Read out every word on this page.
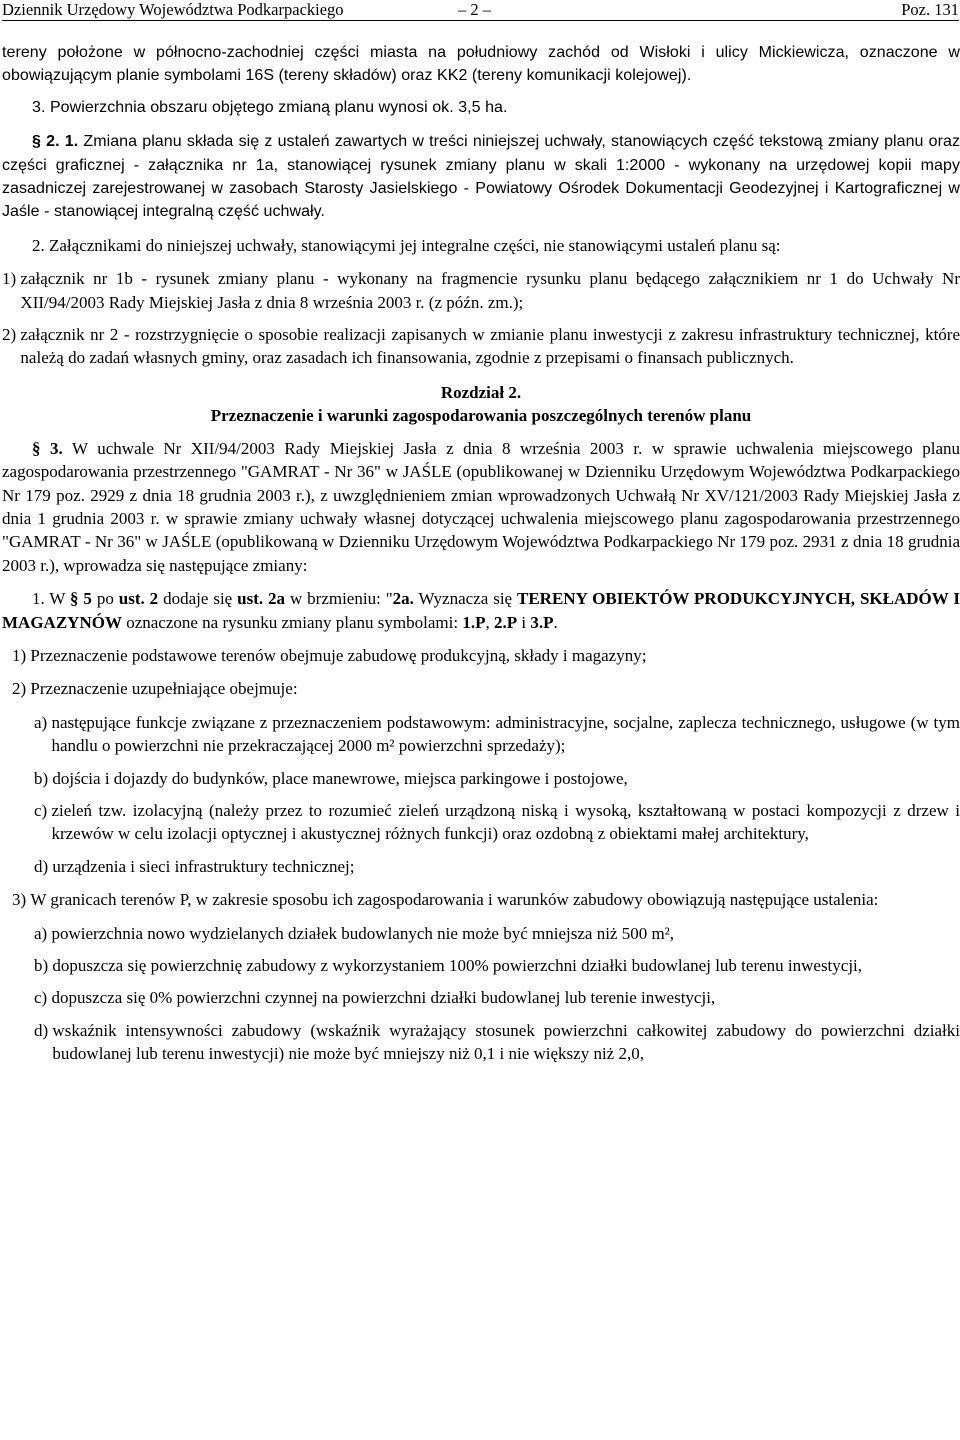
Dziennik Urzędowy Województwa Podkarpackiego	– 2 –	Poz. 131

tereny położone w północno-zachodniej części miasta na południowy zachód od Wisłoki i ulicy Mickiewicza, oznaczone w obowiązującym planie symbolami 16S (tereny składów) oraz KK2 (tereny komunikacji kolejowej).

3. Powierzchnia obszaru objętego zmianą planu wynosi ok. 3,5 ha.

§ 2. 1. Zmiana planu składa się z ustaleń zawartych w treści niniejszej uchwały, stanowiących część tekstową zmiany planu oraz części graficznej - załącznika nr 1a, stanowiącej rysunek zmiany planu w skali 1:2000 - wykonany na urzędowej kopii mapy zasadniczej zarejestrowanej w zasobach Starosty Jasielskiego - Powiatowy Ośrodek Dokumentacji Geodezyjnej i Kartograficznej w Jaśle - stanowiącej integralną część uchwały.

2. Załącznikami do niniejszej uchwały, stanowiącymi jej integralne części, nie stanowiącymi ustaleń planu są:

1) załącznik nr 1b - rysunek zmiany planu - wykonany na fragmencie rysunku planu będącego załącznikiem nr 1 do Uchwały Nr XII/94/2003 Rady Miejskiej Jasła z dnia 8 września 2003 r. (z późn. zm.);
2) załącznik nr 2 - rozstrzygnięcie o sposobie realizacji zapisanych w zmianie planu inwestycji z zakresu infrastruktury technicznej, które należą do zadań własnych gminy, oraz zasadach ich finansowania, zgodnie z przepisami o finansach publicznych.

Rozdział 2.

Przeznaczenie i warunki zagospodarowania poszczególnych terenów planu

§ 3. W uchwale Nr XII/94/2003 Rady Miejskiej Jasła z dnia 8 września 2003 r. w sprawie uchwalenia miejscowego planu zagospodarowania przestrzennego "GAMRAT - Nr 36" w JAŚLE (opublikowanej w Dzienniku Urzędowym Województwa Podkarpackiego Nr 179 poz. 2929 z dnia 18 grudnia 2003 r.), z uwzględnieniem zmian wprowadzonych Uchwałą Nr XV/121/2003 Rady Miejskiej Jasła z dnia 1 grudnia 2003 r. w sprawie zmiany uchwały własnej dotyczącej uchwalenia miejscowego planu zagospodarowania przestrzennego "GAMRAT - Nr 36" w JAŚLE (opublikowaną w Dzienniku Urzędowym Województwa Podkarpackiego Nr 179 poz. 2931 z dnia 18 grudnia 2003 r.), wprowadza się następujące zmiany:

1. W § 5 po ust. 2 dodaje się ust. 2a w brzmieniu: "2a. Wyznacza się TERENY OBIEKTÓW PRODUKCYJNYCH, SKŁADÓW I MAGAZYNÓW oznaczone na rysunku zmiany planu symbolami: 1.P, 2.P i 3.P.

1) Przeznaczenie podstawowe terenów obejmuje zabudowę produkcyjną, składy i magazyny;

2) Przeznaczenie uzupełniające obejmuje:

a) następujące funkcje związane z przeznaczeniem podstawowym: administracyjne, socjalne, zaplecza technicznego, usługowe (w tym handlu o powierzchni nie przekraczającej 2000 m² powierzchni sprzedaży);
b) dojścia i dojazdy do budynków, place manewrowe, miejsca parkingowe i postojowe,
c) zieleń tzw. izolacyjną (należy przez to rozumieć zieleń urządzoną niską i wysoką, kształtowaną w postaci kompozycji z drzew i krzewów w celu izolacji optycznej i akustycznej różnych funkcji) oraz ozdobną z obiektami małej architektury,
d) urządzenia i sieci infrastruktury technicznej;
3) W granicach terenów P, w zakresie sposobu ich zagospodarowania i warunków zabudowy obowiązują następujące ustalenia:
a) powierzchnia nowo wydzielanych działek budowlanych nie może być mniejsza niż 500 m²,
b) dopuszcza się powierzchnię zabudowy z wykorzystaniem 100% powierzchni działki budowlanej lub terenu inwestycji,
c) dopuszcza się 0% powierzchni czynnej na powierzchni działki budowlanej lub terenie inwestycji,
d) wskaźnik intensywności zabudowy (wskaźnik wyrażający stosunek powierzchni całkowitej zabudowy do powierzchni działki budowlanej lub terenu inwestycji) nie może być mniejszy niż 0,1 i nie większy niż 2,0,
